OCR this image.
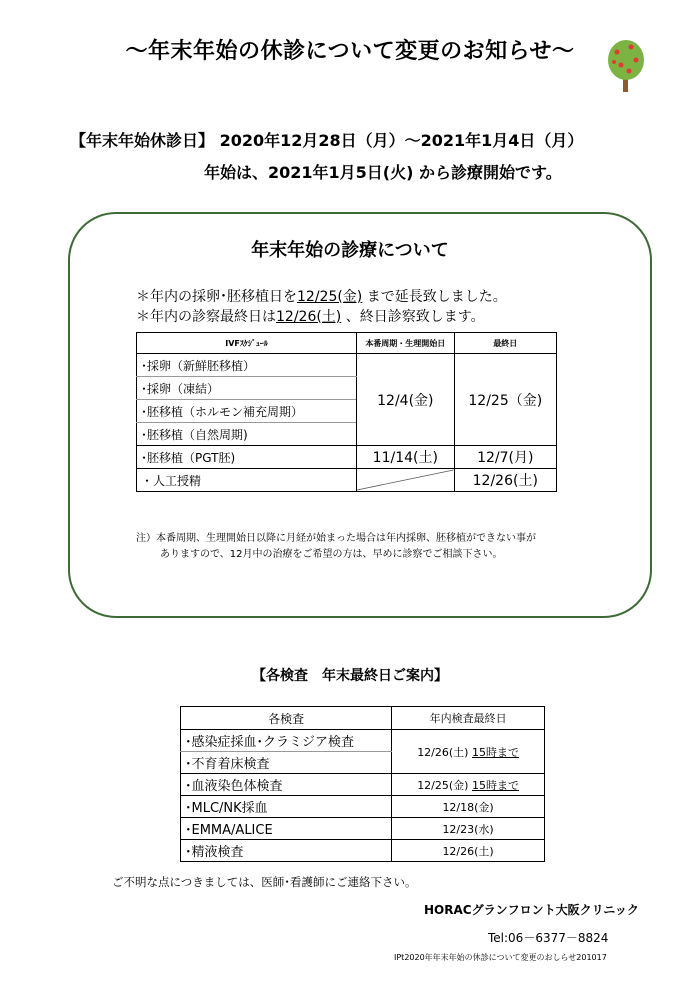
～年末年始の休診について変更のお知らせ～
【年末年始休診日】 2020年12月28日（月）～2021年1月4日（月）
年始は、2021年1月5日(火) から診療開始です。
年末年始の診療について
＊年内の採卵･胚移植日を12/25(金) まで延長致しました。
＊年内の診察最終日は12/26(土) 、終日診察致します。
IVFｽｹｼﾞｭｰﾙ	本番周期・生理開始日	最終日
･採卵（新鮮胚移植）	12/4(金)	12/25（金)
･採卵（凍結）		
･胚移植（ホルモン補充周期）		
･胚移植（自然周期)		
･胚移植（PGT胚)	11/14(土)	12/7(月)
・人工授精		12/26(土)
注）本番周期、生理開始日以降に月経が始まった場合は年内採卵、胚移植ができない事が
ありますので、12月中の治療をご希望の方は、早めに診察でご相談下さい。
【各検査　年末最終日ご案内】
各検査	年内検査最終日
･感染症採血･クラミジア検査	12/26(土) 15時まで
･不育着床検査	
･血液染色体検査	12/25(金) 15時まで
･MLC/NK採血	12/18(金)
･EMMA/ALICE	12/23(水)
･精液検査	12/26(土)
ご不明な点につきましては、医師･看護師にご連絡下さい。
HORACグランフロント大阪クリニック
Tel:06－6377－8824
IPt2020年年末年始の休診について変更のおしらせ201017
